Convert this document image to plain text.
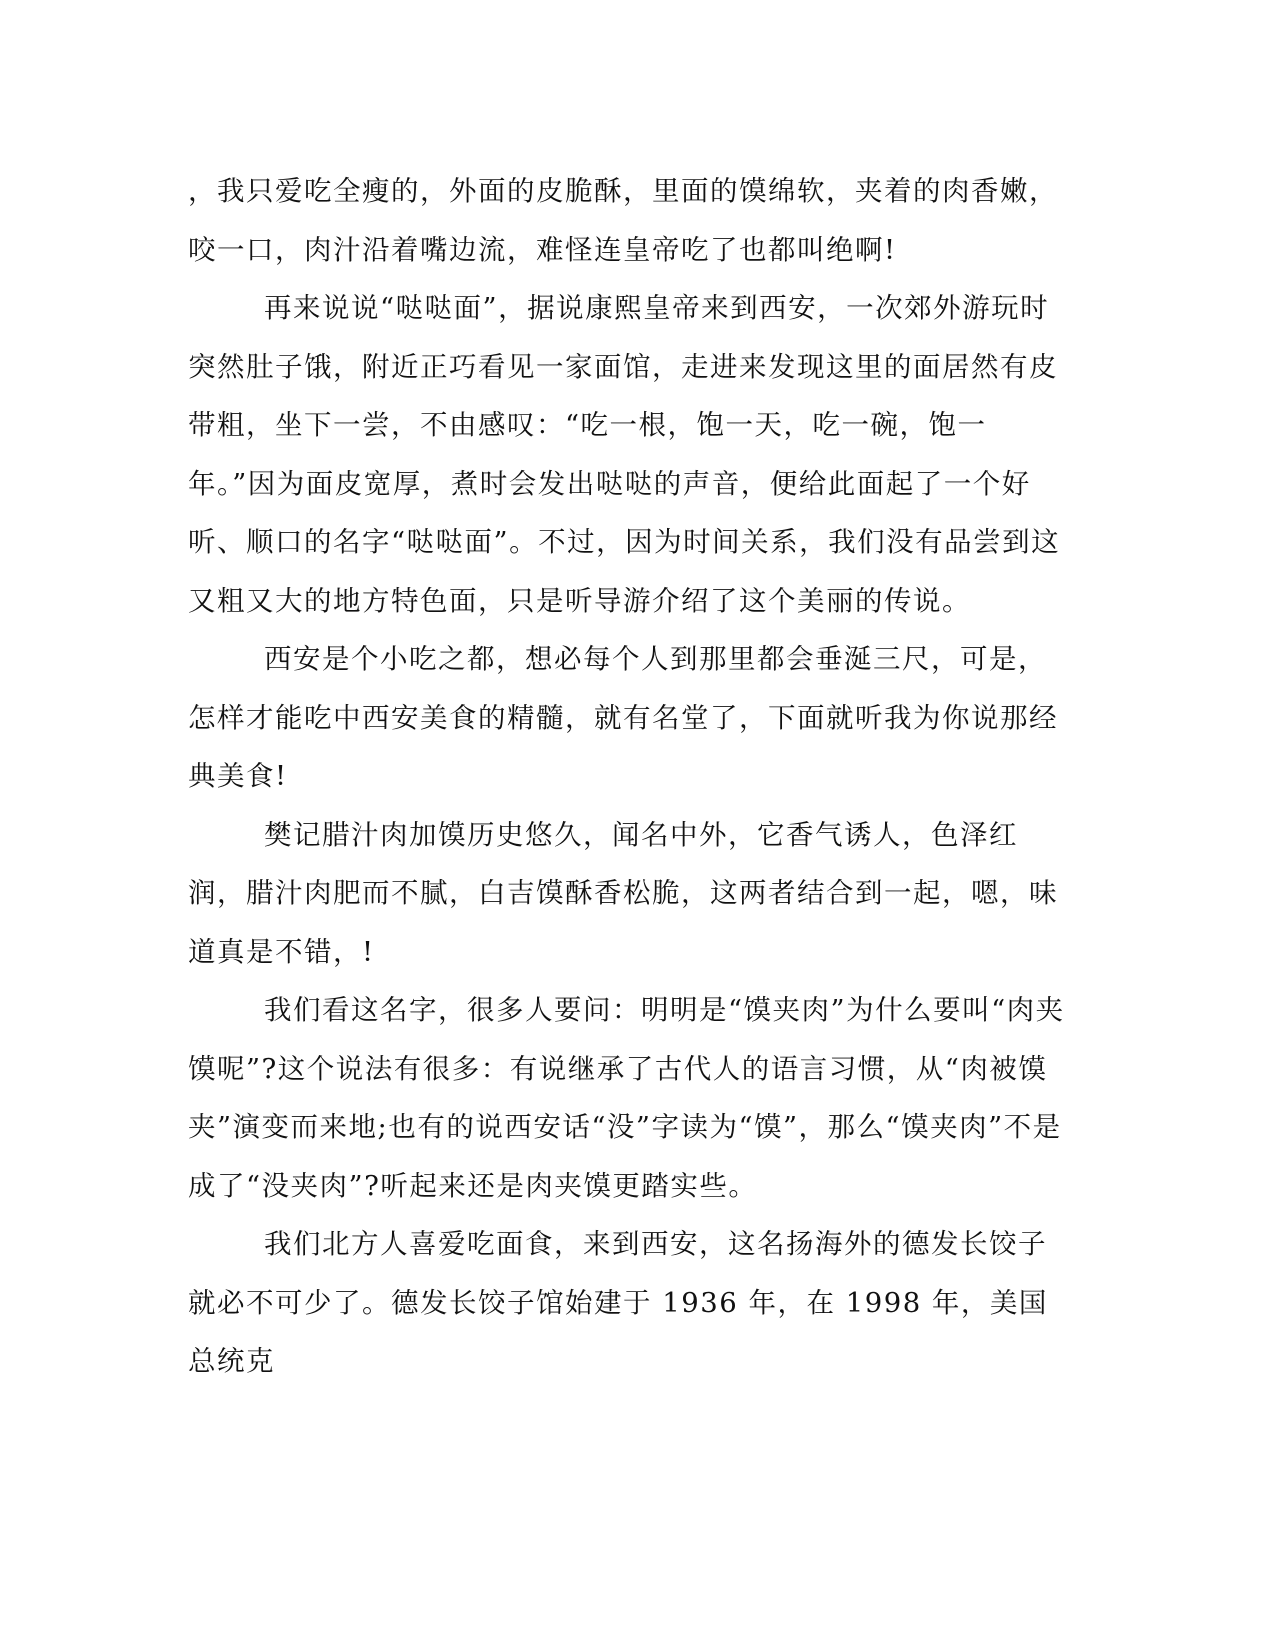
，我只爱吃全瘦的，外面的皮脆酥，里面的馍绵软，夹着的肉香嫩，咬一口，肉汁沿着嘴边流，难怪连皇帝吃了也都叫绝啊!

再来说说“哒哒面”，据说康熙皇帝来到西安，一次郊外游玩时突然肚子饿，附近正巧看见一家面馆，走进来发现这里的面居然有皮带粗，坐下一尝，不由感叹：“吃一根，饱一天，吃一碗，饱一年。”因为面皮宽厚，煮时会发出哒哒的声音，便给此面起了一个好听、顺口的名字“哒哒面”。不过，因为时间关系，我们没有品尝到这又粗又大的地方特色面，只是听导游介绍了这个美丽的传说。

西安是个小吃之都，想必每个人到那里都会垂涎三尺，可是，怎样才能吃中西安美食的精髓，就有名堂了，下面就听我为你说那经典美食!

樊记腊汁肉加馍历史悠久，闻名中外，它香气诱人，色泽红润，腊汁肉肥而不腻，白吉馍酥香松脆，这两者结合到一起，嗯，味道真是不错，!

我们看这名字，很多人要问：明明是“馍夹肉”为什么要叫“肉夹馍呢”?这个说法有很多：有说继承了古代人的语言习惯，从“肉被馍夹”演变而来地;也有的说西安话“没”字读为“馍”，那么“馍夹肉”不是成了“没夹肉”?听起来还是肉夹馍更踏实些。

我们北方人喜爱吃面食，来到西安，这名扬海外的德发长饺子就必不可少了。德发长饺子馆始建于 1936 年，在 1998 年，美国总统克
